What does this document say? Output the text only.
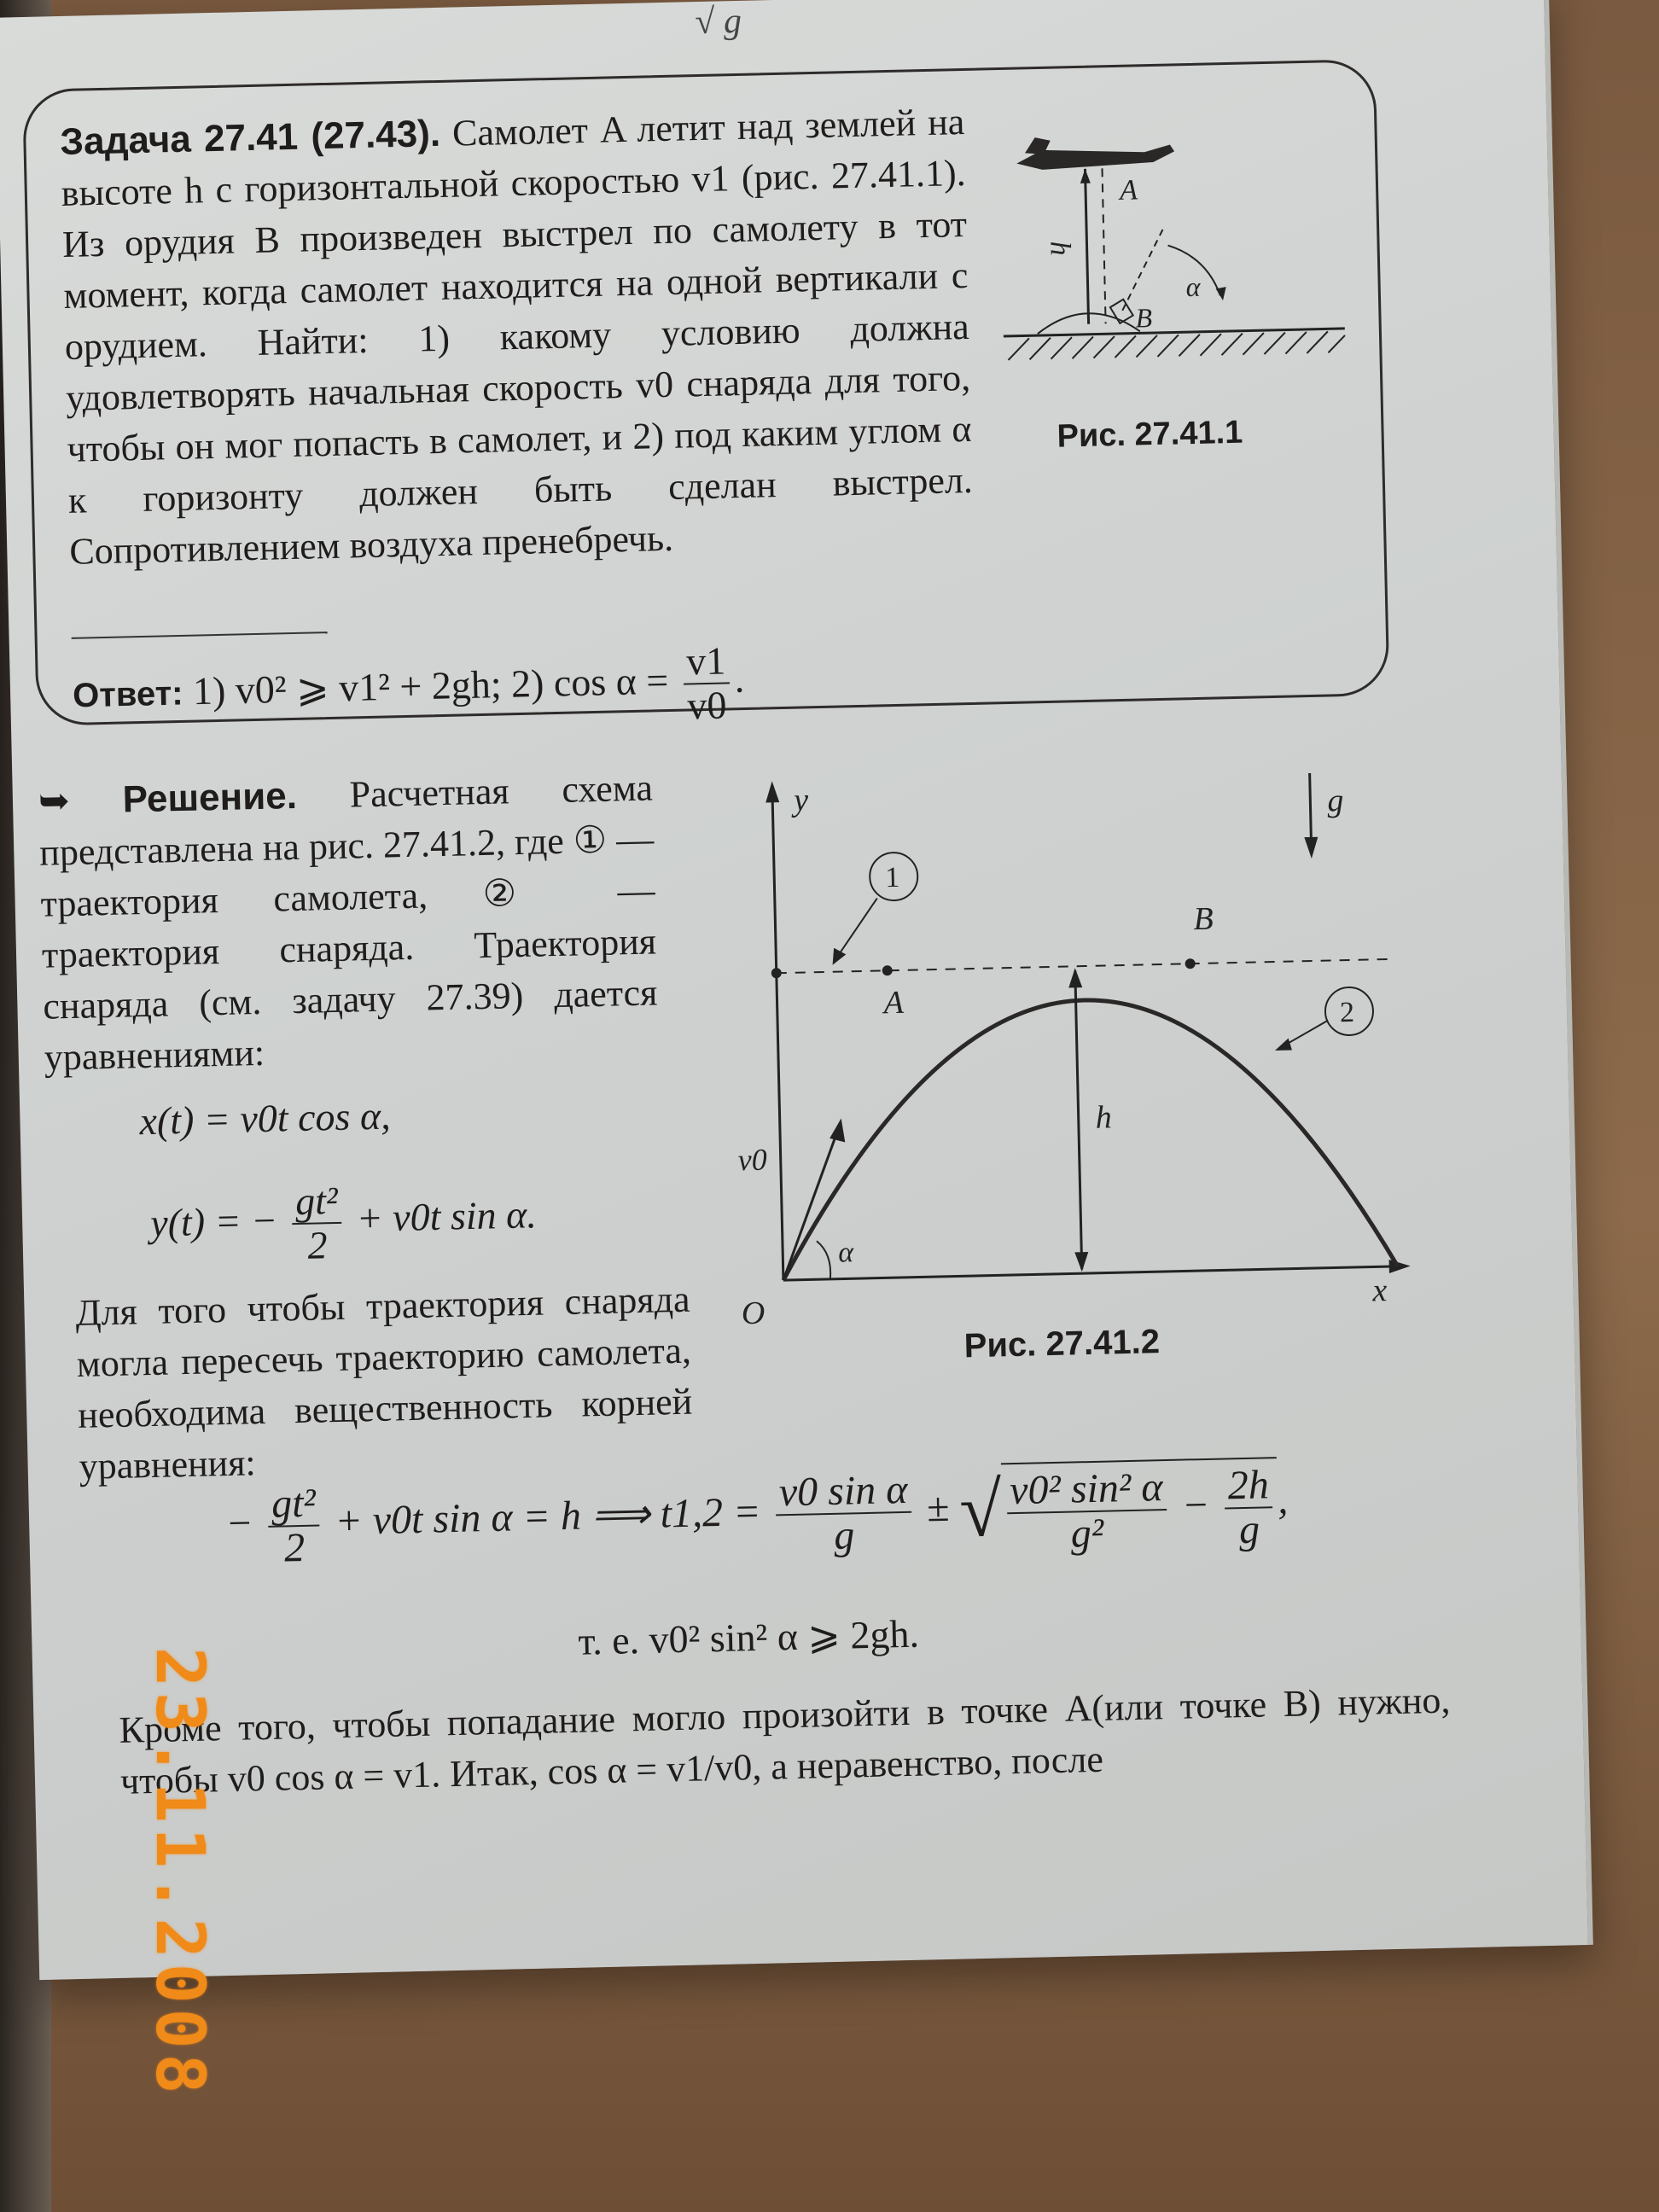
√ g
Задача 27.41 (27.43). Самолет A летит над землей на высоте h с горизонтальной скоростью v1 (рис. 27.41.1). Из орудия B произведен выстрел по самолету в тот момент, когда самолет находится на одной вертикали с орудием. Найти: 1) какому условию должна удовлетворять начальная скорость v0 снаряда для того, чтобы он мог попасть в самолет, и 2) под каким углом α к горизонту должен быть сделан выстрел. Сопротивлением воздуха пренебречь.
A
h
B
α
Рис. 27.41.1
Ответ: 1) v0² ⩾ v1² + 2gh; 2) $\cos \alpha = \frac{v1}{v0}$ .
➥ Решение. Расчетная схема представлена на рис. 27.41.2, где ① — траектория самолета, ② — траектория снаряда. Траектория снаряда (см. задачу 27.39) дается уравнениями:
x(t) = v0t cos α,
y(t) = − $\frac{\text{gt²}}{2} + v0t$ sin α.
Для того чтобы траектория снаряда могла пересечь траекторию самолета, необходима вещественность корней уравнения:
y
x
O
A
B
h
v0
α
g
1
2
Рис. 27.41.2
− $\frac{\text{gt²}}{2} + v0t$ sin α = h ⟹ $t1,2 = \frac{\text{v0 sin α}}{g}$ ± √ $\frac{\text{v0² sin² α}}{\text{g²}} - \frac{2h}{g}$ ,
т. е. v0² sin² α ⩾ 2gh.
Кроме того, чтобы попадание могло произойти в точке A(или точке B) нужно, чтобы v0 cos α = v1. Итак, cos α = v1/v0, а неравенство, после
23.11.2008
